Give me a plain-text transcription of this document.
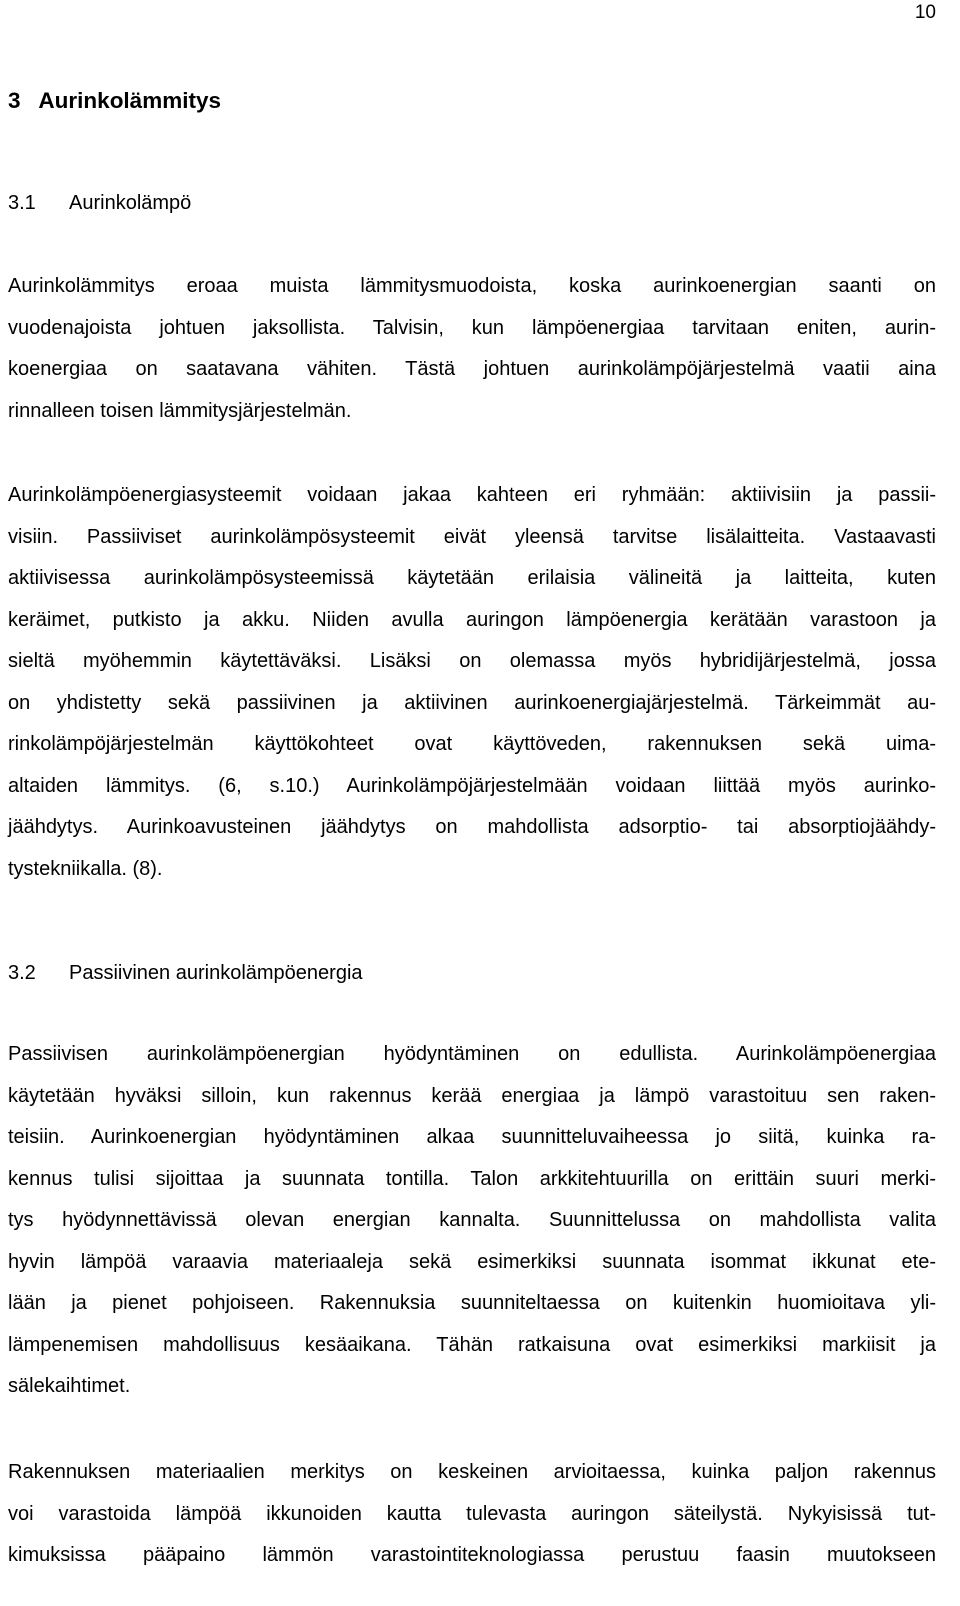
10
3   Aurinkolämmitys
3.1 Aurinkolämpö
Aurinkolämmitys eroaa muista lämmitysmuodoista, koska aurinkoenergian saanti on
vuodenajoista johtuen jaksollista. Talvisin, kun lämpöenergiaa tarvitaan eniten, aurin-
koenergiaa on saatavana vähiten. Tästä johtuen aurinkolämpöjärjestelmä vaatii aina
rinnalleen toisen lämmitysjärjestelmän.
Aurinkolämpöenergiasysteemit voidaan jakaa kahteen eri ryhmään: aktiivisiin ja passii-
visiin. Passiiviset aurinkolämpösysteemit eivät yleensä tarvitse lisälaitteita. Vastaavasti
aktiivisessa aurinkolämpösysteemissä käytetään erilaisia välineitä ja laitteita, kuten
keräimet, putkisto ja akku. Niiden avulla auringon lämpöenergia kerätään varastoon ja
sieltä myöhemmin käytettäväksi. Lisäksi on olemassa myös hybridijärjestelmä, jossa
on yhdistetty sekä passiivinen ja aktiivinen aurinkoenergiajärjestelmä. Tärkeimmät au-
rinkolämpöjärjestelmän käyttökohteet ovat käyttöveden, rakennuksen sekä uima-
altaiden lämmitys. (6, s.10.) Aurinkolämpöjärjestelmään voidaan liittää myös aurinko-
jäähdytys. Aurinkoavusteinen jäähdytys on mahdollista adsorptio- tai absorptiojäähdy-
tystekniikalla. (8).
3.2 Passiivinen aurinkolämpöenergia
Passiivisen aurinkolämpöenergian hyödyntäminen on edullista. Aurinkolämpöenergiaa
käytetään hyväksi silloin, kun rakennus kerää energiaa ja lämpö varastoituu sen raken-
teisiin. Aurinkoenergian hyödyntäminen alkaa suunnitteluvaiheessa jo siitä, kuinka ra-
kennus tulisi sijoittaa ja suunnata tontilla. Talon arkkitehtuurilla on erittäin suuri merki-
tys hyödynnettävissä olevan energian kannalta. Suunnittelussa on mahdollista valita
hyvin lämpöä varaavia materiaaleja sekä esimerkiksi suunnata isommat ikkunat ete-
lään ja pienet pohjoiseen. Rakennuksia suunniteltaessa on kuitenkin huomioitava yli-
lämpenemisen mahdollisuus kesäaikana. Tähän ratkaisuna ovat esimerkiksi markiisit ja
sälekaihtimet.
Rakennuksen materiaalien merkitys on keskeinen arvioitaessa, kuinka paljon rakennus
voi varastoida lämpöä ikkunoiden kautta tulevasta auringon säteilystä. Nykyisissä tut-
kimuksissa pääpaino lämmön varastointiteknologiassa perustuu faasin muutokseen
